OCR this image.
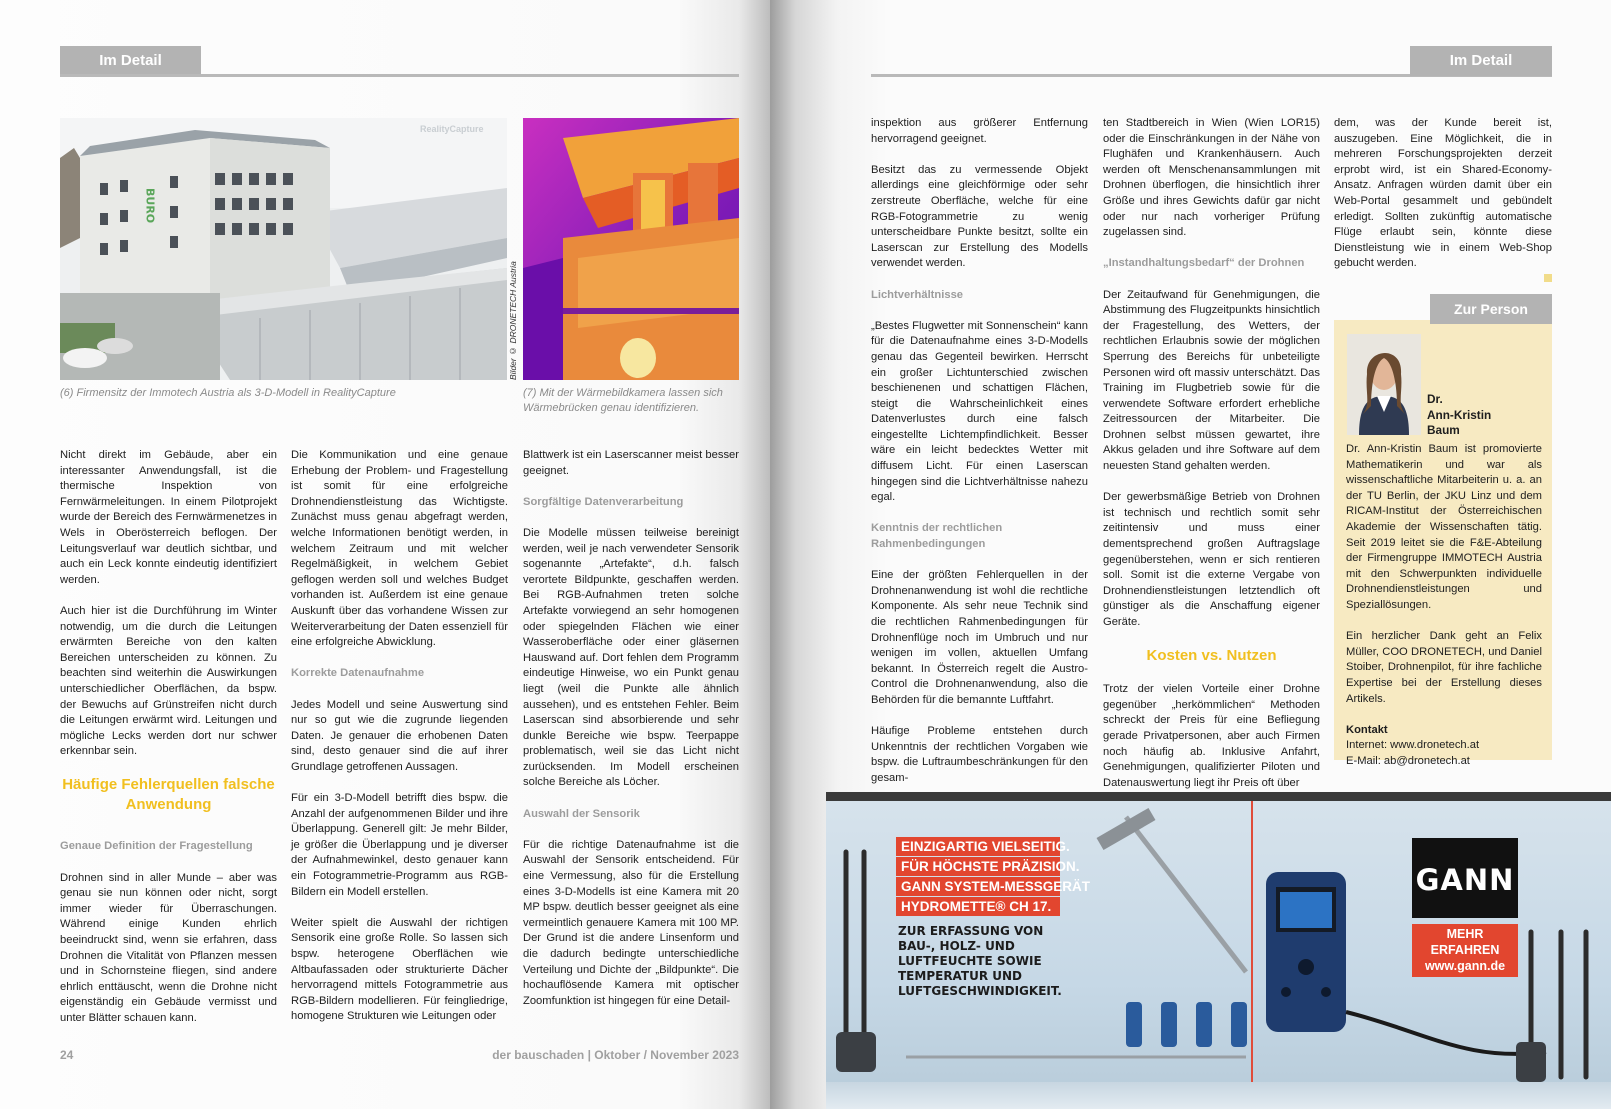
Im Detail
BURO
RealityCapture
Bilder © DRONETECH Austria
(6) Firmensitz der Immotech Austria als 3-D-Modell in RealityCapture	(7) Mit der Wärmebildkamera lassen sich Wärmebrücken genau identifizieren.

Nicht direkt im Gebäude, aber ein interessanter Anwendungsfall, ist die thermische Inspektion von Fernwärmeleitungen. In einem Pilotprojekt wurde der Bereich des Fernwärmenetzes in Wels in Oberösterreich beflogen. Der Leitungsverlauf war deutlich sichtbar, und auch ein Leck konnte eindeutig identifiziert werden.

Auch hier ist die Durchführung im Winter notwendig, um die durch die Leitungen erwärmten Bereiche von den kalten Bereichen unterscheiden zu können. Zu beachten sind weiterhin die Auswirkungen unterschiedlicher Oberflächen, da bspw. der Bewuchs auf Grünstreifen nicht durch die Leitungen erwärmt wird. Leitungen und mögliche Lecks werden dort nur schwer erkennbar sein.

Häufige Fehlerquellen falsche Anwendung
Genaue Definition der Fragestellung

Drohnen sind in aller Munde – aber was genau sie nun können oder nicht, sorgt immer wieder für Überraschungen. Während einige Kunden ehrlich beeindruckt sind, wenn sie erfahren, dass Drohnen die Vitalität von Pflanzen messen und in Schornsteine fliegen, sind andere ehrlich enttäuscht, wenn die Drohne nicht eigenständig ein Gebäude vermisst und unter Blätter schauen kann.

Die Kommunikation und eine genaue Erhebung der Problem- und Fragestellung ist somit für eine erfolgreiche Drohnendienstleistung das Wichtigste. Zunächst muss genau abgefragt werden, welche Informationen benötigt werden, in welchem Zeitraum und mit welcher Regelmäßigkeit, in welchem Gebiet geflogen werden soll und welches Budget vorhanden ist. Außerdem ist eine genaue Auskunft über das vorhandene Wissen zur Weiterverarbeitung der Daten essenziell für eine erfolgreiche Abwicklung.

Korrekte Datenaufnahme

Jedes Modell und seine Auswertung sind nur so gut wie die zugrunde liegenden Daten. Je genauer die erhobenen Daten sind, desto genauer sind die auf ihrer Grundlage getroffenen Aussagen.

Für ein 3-D-Modell betrifft dies bspw. die Anzahl der aufgenommenen Bilder und ihre Überlappung. Generell gilt: Je mehr Bilder, je größer die Überlappung und je diverser der Aufnahmewinkel, desto genauer kann ein Fotogrammetrie-Programm aus RGB-Bildern ein Modell erstellen.

Weiter spielt die Auswahl der richtigen Sensorik eine große Rolle. So lassen sich bspw. heterogene Oberflächen wie Altbaufassaden oder strukturierte Dächer hervorragend mittels Fotogrammetrie aus RGB-Bildern modellieren. Für feingliedrige, homogene Strukturen wie Leitungen oder

Blattwerk ist ein Laserscanner meist besser geeignet.

Sorgfältige Datenverarbeitung

Die Modelle müssen teilweise bereinigt werden, weil je nach verwendeter Sensorik sogenannte „Artefakte“, d.h. falsch verortete Bildpunkte, geschaffen werden. Bei RGB-Aufnahmen treten solche Artefakte vorwiegend an sehr homogenen oder spiegelnden Flächen wie einer Wasseroberfläche oder einer gläsernen Hauswand auf. Dort fehlen dem Programm eindeutige Hinweise, wo ein Punkt genau liegt (weil die Punkte alle ähnlich aussehen), und es entstehen Fehler. Beim Laserscan sind absorbierende und sehr dunkle Bereiche wie bspw. Teerpappe problematisch, weil sie das Licht nicht zurücksenden. Im Modell erscheinen solche Bereiche als Löcher.

Auswahl der Sensorik

Für die richtige Datenaufnahme ist die Auswahl der Sensorik entscheidend. Für eine Vermessung, also für die Erstellung eines 3-D-Modells ist eine Kamera mit 20 MP bspw. deutlich besser geeignet als eine vermeintlich genauere Kamera mit 100 MP. Der Grund ist die andere Linsenform und die dadurch bedingte unterschiedliche Verteilung und Dichte der „Bildpunkte“. Die hochauflösende Kamera mit optischer Zoomfunktion ist hingegen für eine Detail-

24	der bauschaden | Oktober / November 2023
Im Detail

inspektion aus größerer Entfernung hervorragend geeignet.

Besitzt das zu vermessende Objekt allerdings eine gleichförmige oder sehr zerstreute Oberfläche, welche für eine RGB-Fotogrammetrie zu wenig unterscheidbare Punkte besitzt, sollte ein Laserscan zur Erstellung des Modells verwendet werden.

Lichtverhältnisse

„Bestes Flugwetter mit Sonnenschein“ kann für die Datenaufnahme eines 3-D-Modells genau das Gegenteil bewirken. Herrscht ein großer Lichtunterschied zwischen beschienenen und schattigen Flächen, steigt die Wahrscheinlichkeit eines Datenverlustes durch eine falsch eingestellte Lichtempfindlichkeit. Besser wäre ein leicht bedecktes Wetter mit diffusem Licht. Für einen Laserscan hingegen sind die Lichtverhältnisse nahezu egal.

Kenntnis der rechtlichen Rahmenbedingungen

Eine der größten Fehlerquellen in der Drohnenanwendung ist wohl die rechtliche Komponente. Als sehr neue Technik sind die rechtlichen Rahmenbedingungen für Drohnenflüge noch im Umbruch und nur wenigen im vollen, aktuellen Umfang bekannt. In Österreich regelt die Austro-Control die Drohnenanwendung, also die Behörden für die bemannte Luftfahrt.

Häufige Probleme entstehen durch Unkenntnis der rechtlichen Vorgaben wie bspw. die Luftraumbeschränkungen für den gesam-

ten Stadtbereich in Wien (Wien LOR15) oder die Einschränkungen in der Nähe von Flughäfen und Krankenhäusern. Auch werden oft Menschenansammlungen mit Drohnen überflogen, die hinsichtlich ihrer Größe und ihres Gewichts dafür gar nicht oder nur nach vorheriger Prüfung zugelassen sind.

„Instandhaltungsbedarf“ der Drohnen

Der Zeitaufwand für Genehmigungen, die Abstimmung des Flugzeitpunkts hinsichtlich der Fragestellung, des Wetters, der rechtlichen Erlaubnis sowie der möglichen Sperrung des Bereichs für unbeteiligte Personen wird oft massiv unterschätzt. Das Training im Flugbetrieb sowie für die verwendete Software erfordert erhebliche Zeitressourcen der Mitarbeiter. Die Drohnen selbst müssen gewartet, ihre Akkus geladen und ihre Software auf dem neuesten Stand gehalten werden.

Der gewerbsmäßige Betrieb von Drohnen ist technisch und rechtlich somit sehr zeitintensiv und muss einer dementsprechend großen Auftragslage gegenüberstehen, wenn er sich rentieren soll. Somit ist die externe Vergabe von Drohnendienstleistungen letztendlich oft günstiger als die Anschaffung eigener Geräte.

Kosten vs. Nutzen

Trotz der vielen Vorteile einer Drohne gegenüber „herkömmlichen“ Methoden schreckt der Preis für eine Befliegung gerade Privatpersonen, aber auch Firmen noch häufig ab. Inklusive Anfahrt, Genehmigungen, qualifizierter Piloten und Datenauswertung liegt ihr Preis oft über

dem, was der Kunde bereit ist, auszugeben. Eine Möglichkeit, die in mehreren Forschungsprojekten derzeit erprobt wird, ist ein Shared-Economy-Ansatz. Anfragen würden damit über ein Web-Portal gesammelt und gebündelt erledigt. Sollten zukünftig automatische Flüge erlaubt sein, könnte diese Dienstleistung wie in einem Web-Shop gebucht werden.

Zur Person
Dr.
Ann-Kristin
Baum

Dr. Ann-Kristin Baum ist promovierte Mathematikerin und war als wissenschaftliche Mitarbeiterin u. a. an der TU Berlin, der JKU Linz und dem RICAM-Institut der Österreichischen Akademie der Wissenschaften tätig. Seit 2019 leitet sie die F&E-Abteilung der Firmengruppe IMMOTECH Austria mit den Schwerpunkten individuelle Drohnendienstleistungen und Speziallösungen.

Ein herzlicher Dank geht an Felix Müller, COO DRONETECH, und Daniel Stoiber, Drohnenpilot, für ihre fachliche Expertise bei der Erstellung dieses Artikels.

Kontakt
Internet: www.dronetech.at
E-Mail: ab@dronetech.at
EINZIGARTIG VIELSEITIG.
FÜR HÖCHSTE PRÄZISION.
GANN SYSTEM-MESSGERÄT
HYDROMETTE® CH 17.
ZUR ERFASSUNG VON BAU-, HOLZ- UND LUFTFEUCHTE SOWIE TEMPERATUR UND LUFTGESCHWINDIGKEIT.
GANN
MEHR ERFAHREN
www.gann.de
